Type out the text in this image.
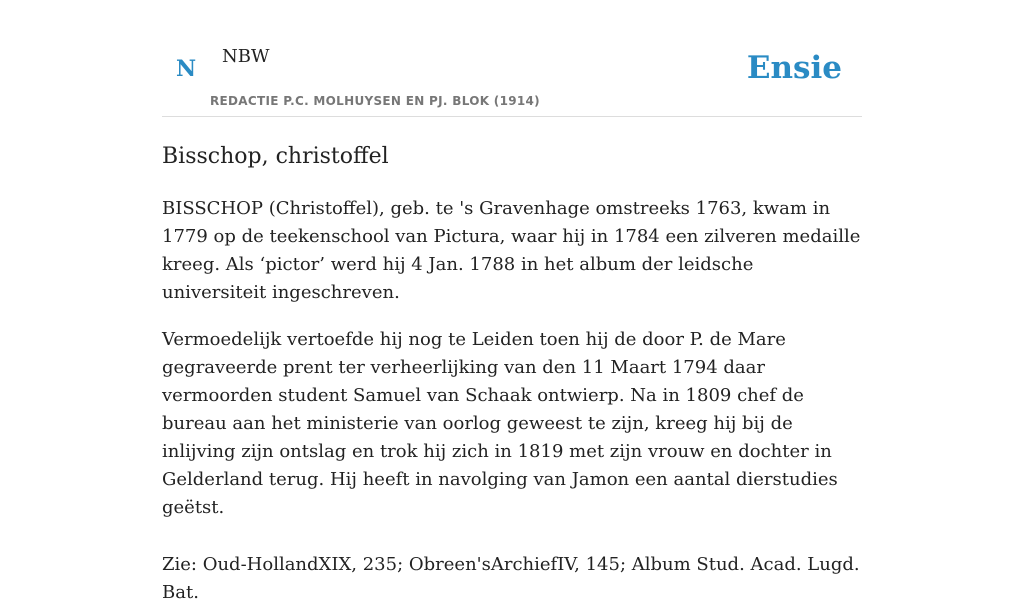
N NBW
REDACTIE P.C. MOLHUYSEN EN PJ. BLOK (1914)
Ensie
Bisschop, christoffel

BISSCHOP (Christoffel), geb. te 's Gravenhage omstreeks 1763, kwam in 1779 op de teekenschool van Pictura, waar hij in 1784 een zilveren medaille kreeg. Als ‘pictor’ werd hij 4 Jan. 1788 in het album der leidsche universiteit ingeschreven.

Vermoedelijk vertoefde hij nog te Leiden toen hij de door P. de Mare gegraveerde prent ter verheerlijking van den 11 Maart 1794 daar vermoorden student Samuel van Schaak ontwierp. Na in 1809 chef de bureau aan het ministerie van oorlog geweest te zijn, kreeg hij bij de inlijving zijn ontslag en trok hij zich in 1819 met zijn vrouw en dochter in Gelderland terug. Hij heeft in navolging van Jamon een aantal dierstudies geëtst.

Zie: Oud-HollandXIX, 235; Obreen'sArchiefIV, 145; Album Stud. Acad. Lugd. Bat.
